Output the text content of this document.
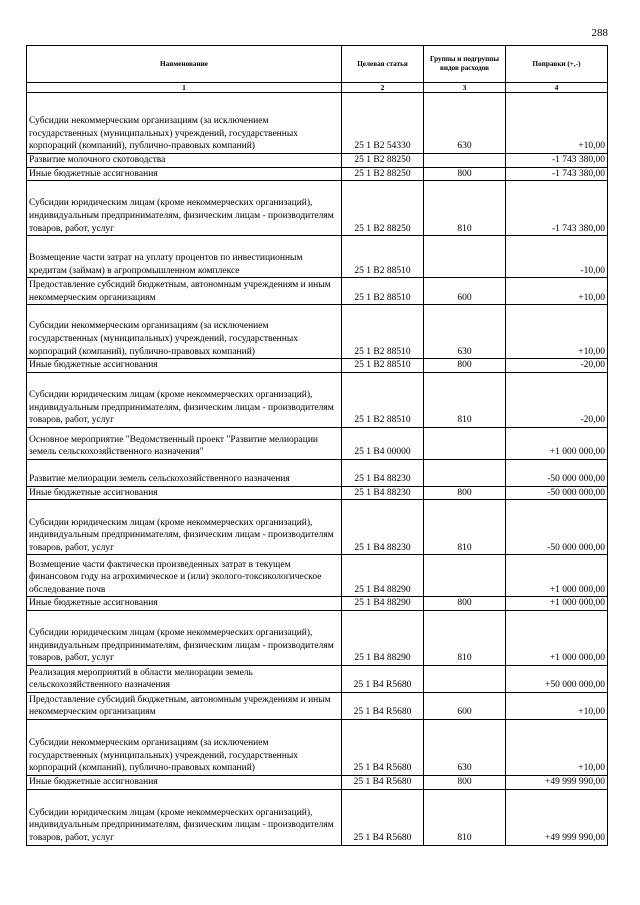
288
Наименование	Целевая статья	Группы и подгруппы видов расходов	Поправки (+,-)
1	2	3	4
Субсидии некоммерческим организациям (за исключением государственных (муниципальных) учреждений, государственных корпораций (компаний), публично-правовых компаний)	25 1 B2 54330	630	+10,00
Развитие молочного скотоводства	25 1 B2 88250		-1 743 380,00
Иные бюджетные ассигнования	25 1 B2 88250	800	-1 743 380,00
Субсидии юридическим лицам (кроме некоммерческих организаций), индивидуальным предпринимателям, физическим лицам - производителям товаров, работ, услуг	25 1 B2 88250	810	-1 743 380,00
Возмещение части затрат на уплату процентов по инвестиционным кредитам (займам) в агропромышленном комплексе	25 1 B2 88510		-10,00
Предоставление субсидий бюджетным, автономным учреждениям и иным некоммерческим организациям	25 1 B2 88510	600	+10,00
Субсидии некоммерческим организациям (за исключением государственных (муниципальных) учреждений, государственных корпораций (компаний), публично-правовых компаний)	25 1 B2 88510	630	+10,00
Иные бюджетные ассигнования	25 1 B2 88510	800	-20,00
Субсидии юридическим лицам (кроме некоммерческих организаций), индивидуальным предпринимателям, физическим лицам - производителям товаров, работ, услуг	25 1 B2 88510	810	-20,00
Основное мероприятие "Ведомственный проект "Развитие мелиорации земель сельскохозяйственного назначения"	25 1 B4 00000		+1 000 000,00
Развитие мелиорации земель сельскохозяйственного назначения	25 1 B4 88230		-50 000 000,00
Иные бюджетные ассигнования	25 1 B4 88230	800	-50 000 000,00
Субсидии юридическим лицам (кроме некоммерческих организаций), индивидуальным предпринимателям, физическим лицам - производителям товаров, работ, услуг	25 1 B4 88230	810	-50 000 000,00
Возмещение части фактически произведенных затрат в текущем финансовом году на агрохимическое и (или) эколого-токсикологическое обследование почв	25 1 B4 88290		+1 000 000,00
Иные бюджетные ассигнования	25 1 B4 88290	800	+1 000 000,00
Субсидии юридическим лицам (кроме некоммерческих организаций), индивидуальным предпринимателям, физическим лицам - производителям товаров, работ, услуг	25 1 B4 88290	810	+1 000 000,00
Реализация мероприятий в области мелиорации земель сельскохозяйственного назначения	25 1 B4 R5680		+50 000 000,00
Предоставление субсидий бюджетным, автономным учреждениям и иным некоммерческим организациям	25 1 B4 R5680	600	+10,00
Субсидии некоммерческим организациям (за исключением государственных (муниципальных) учреждений, государственных корпораций (компаний), публично-правовых компаний)	25 1 B4 R5680	630	+10,00
Иные бюджетные ассигнования	25 1 B4 R5680	800	+49 999 990,00
Субсидии юридическим лицам (кроме некоммерческих организаций), индивидуальным предпринимателям, физическим лицам - производителям товаров, работ, услуг	25 1 B4 R5680	810	+49 999 990,00
